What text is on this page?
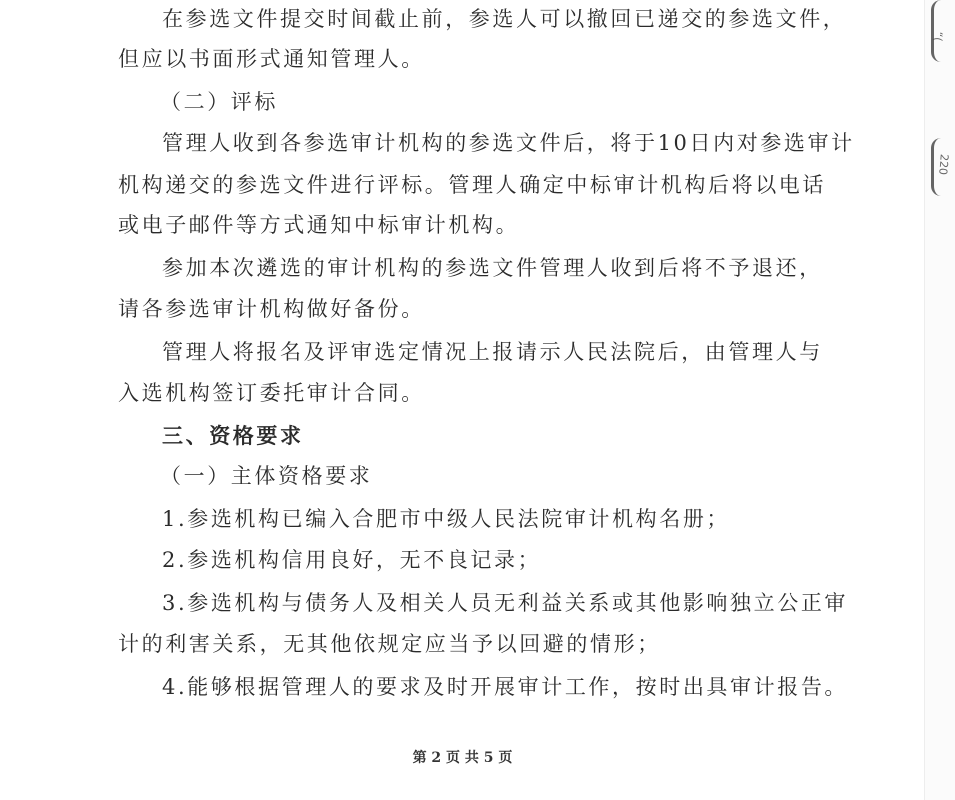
在参选文件提交时间截止前，参选人可以撤回已递交的参选文件，
但应以书面形式通知管理人。
（二）评标
管理人收到各参选审计机构的参选文件后，将于10日内对参选审计
机构递交的参选文件进行评标。管理人确定中标审计机构后将以电话
或电子邮件等方式通知中标审计机构。
参加本次遴选的审计机构的参选文件管理人收到后将不予退还，
请各参选审计机构做好备份。
管理人将报名及评审选定情况上报请示人民法院后，由管理人与
入选机构签订委托审计合同。
三、资格要求
（一）主体资格要求
1.参选机构已编入合肥市中级人民法院审计机构名册；
2.参选机构信用良好，无不良记录；
3.参选机构与债务人及相关人员无利益关系或其他影响独立公正审
计的利害关系，无其他依规定应当予以回避的情形；
4.能够根据管理人的要求及时开展审计工作，按时出具审计报告。
第 2 页 共 5 页
“(
220
